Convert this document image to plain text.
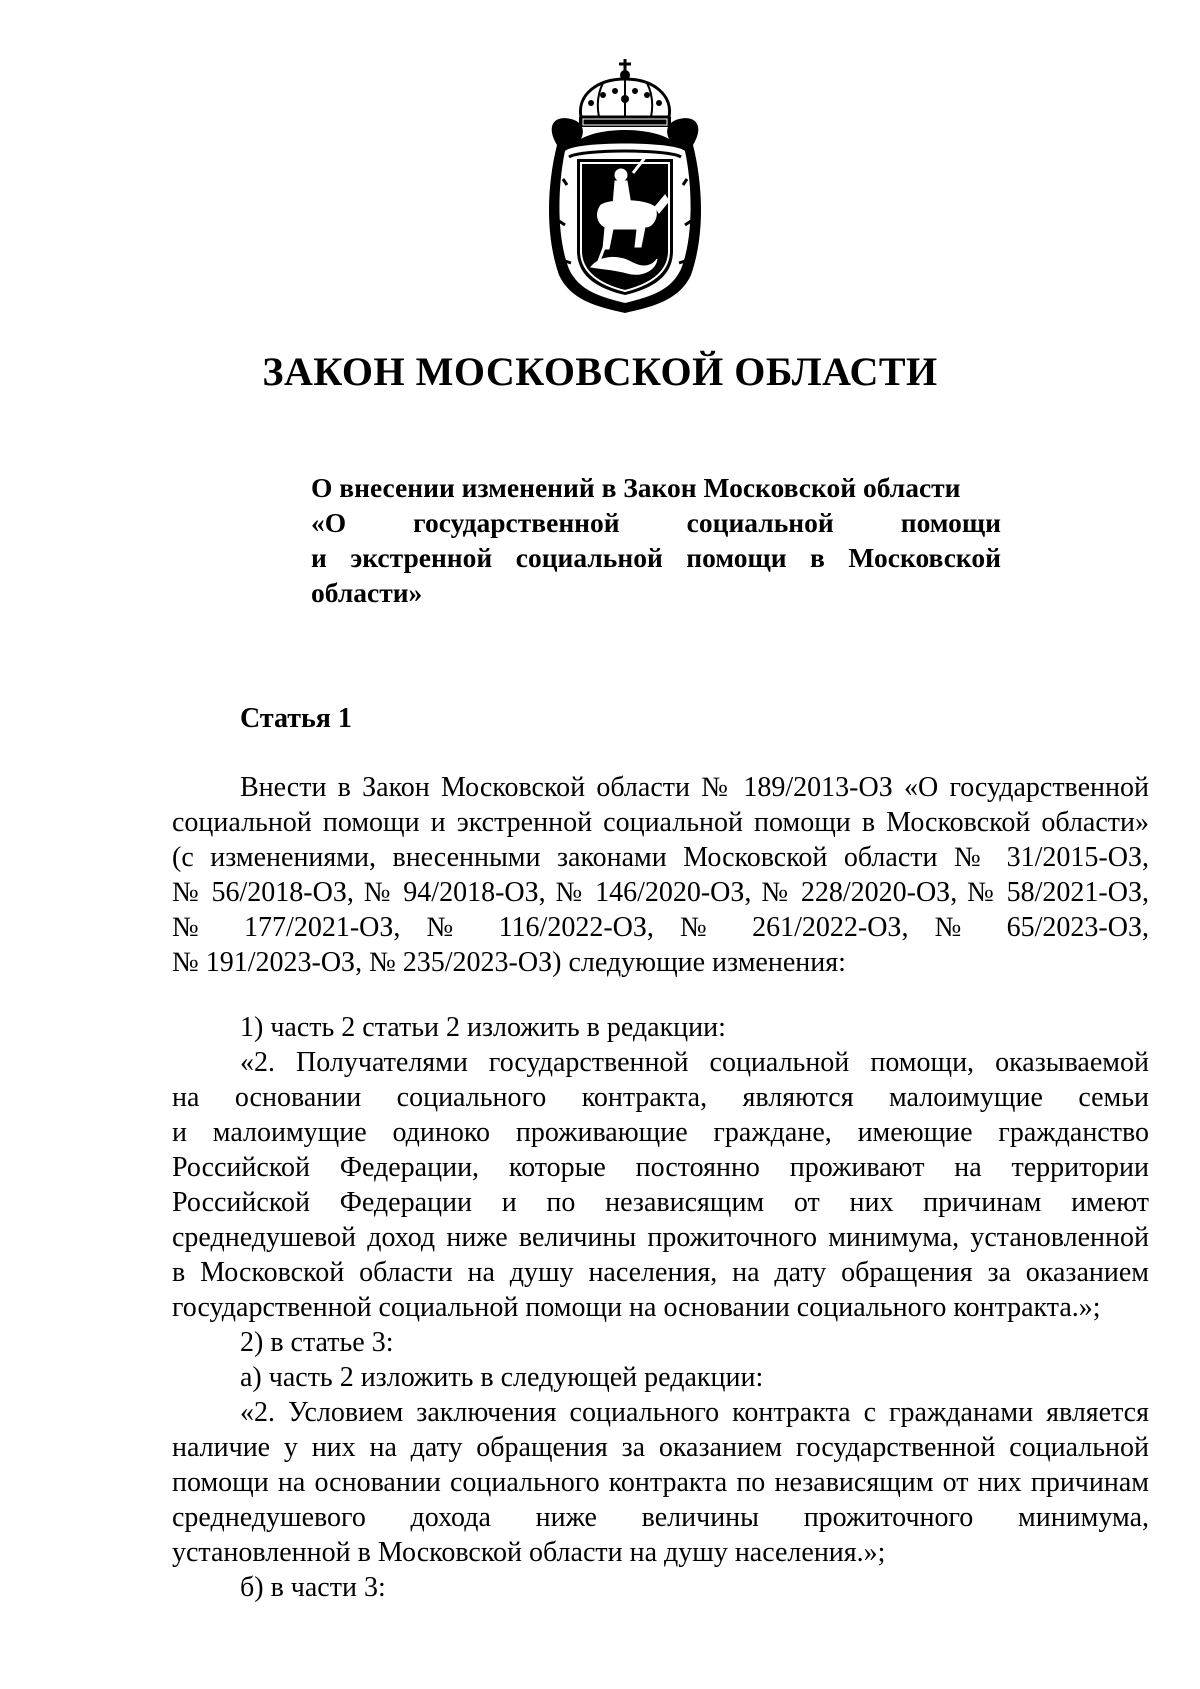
ЗАКОН МОСКОВСКОЙ ОБЛАСТИ
О внесении изменений в Закон Московской области
«О государственной социальной помощи
и экстренной социальной помощи в Московской
области»
Статья 1
Внести в Закон Московской области № 189/2013-ОЗ «О государственной
социальной помощи и экстренной социальной помощи в Московской области»
(с изменениями, внесенными законами Московской области № 31/2015-ОЗ,
№ 56/2018-ОЗ, № 94/2018-ОЗ, № 146/2020-ОЗ, № 228/2020-ОЗ, № 58/2021-ОЗ,
№ 177/2021-ОЗ, № 116/2022-ОЗ, № 261/2022-ОЗ, № 65/2023-ОЗ,
№ 191/2023-ОЗ, № 235/2023-ОЗ) следующие изменения:
1) часть 2 статьи 2 изложить в редакции:
«2. Получателями государственной социальной помощи, оказываемой
на основании социального контракта, являются малоимущие семьи
и малоимущие одиноко проживающие граждане, имеющие гражданство
Российской Федерации, которые постоянно проживают на территории
Российской Федерации и по независящим от них причинам имеют
среднедушевой доход ниже величины прожиточного минимума, установленной
в Московской области на душу населения, на дату обращения за оказанием
государственной социальной помощи на основании социального контракта.»;
2) в статье 3:
а) часть 2 изложить в следующей редакции:
«2. Условием заключения социального контракта с гражданами является
наличие у них на дату обращения за оказанием государственной социальной
помощи на основании социального контракта по независящим от них причинам
среднедушевого дохода ниже величины прожиточного минимума,
установленной в Московской области на душу населения.»;
б) в части 3:
